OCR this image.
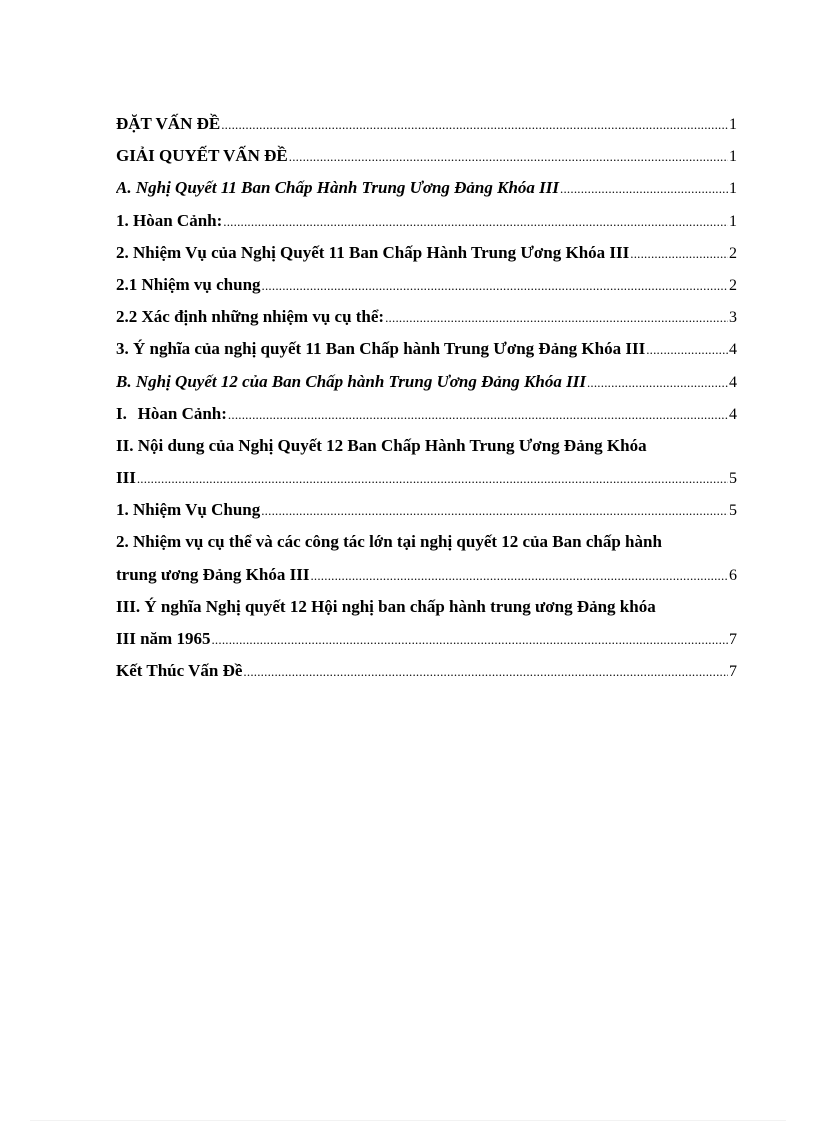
ĐẶT VẤN ĐỀ .....	1
GIẢI QUYẾT VẤN ĐỀ .....	1
A. Nghị Quyết 11 Ban Chấp Hành Trung Ương Đảng Khóa III .....	1
1. Hòan Cảnh: .....	1
2. Nhiệm Vụ của Nghị Quyết 11 Ban Chấp Hành Trung Ương Khóa III .....	2
2.1 Nhiệm vụ chung .....	2
2.2 Xác định những nhiệm vụ cụ thể: .....	3
3. Ý nghĩa của nghị quyết 11 Ban Chấp hành Trung Ương Đảng Khóa III .....	4
B. Nghị Quyết 12 của Ban Chấp hành Trung Ương Đảng Khóa III .....	4
I. Hòan Cảnh: .....	4
II. Nội dung của Nghị Quyết 12 Ban Chấp Hành Trung Ương Đảng Khóa
III .....	5
1. Nhiệm Vụ Chung .....	5
2. Nhiệm vụ cụ thể và các công tác lớn tại nghị quyết 12 của Ban chấp hành
trung ương Đảng Khóa III .....	6
III. Ý nghĩa Nghị quyết 12 Hội nghị ban chấp hành trung ương Đảng khóa
III năm 1965 .....	7
Kết Thúc Vấn Đề .....	7
